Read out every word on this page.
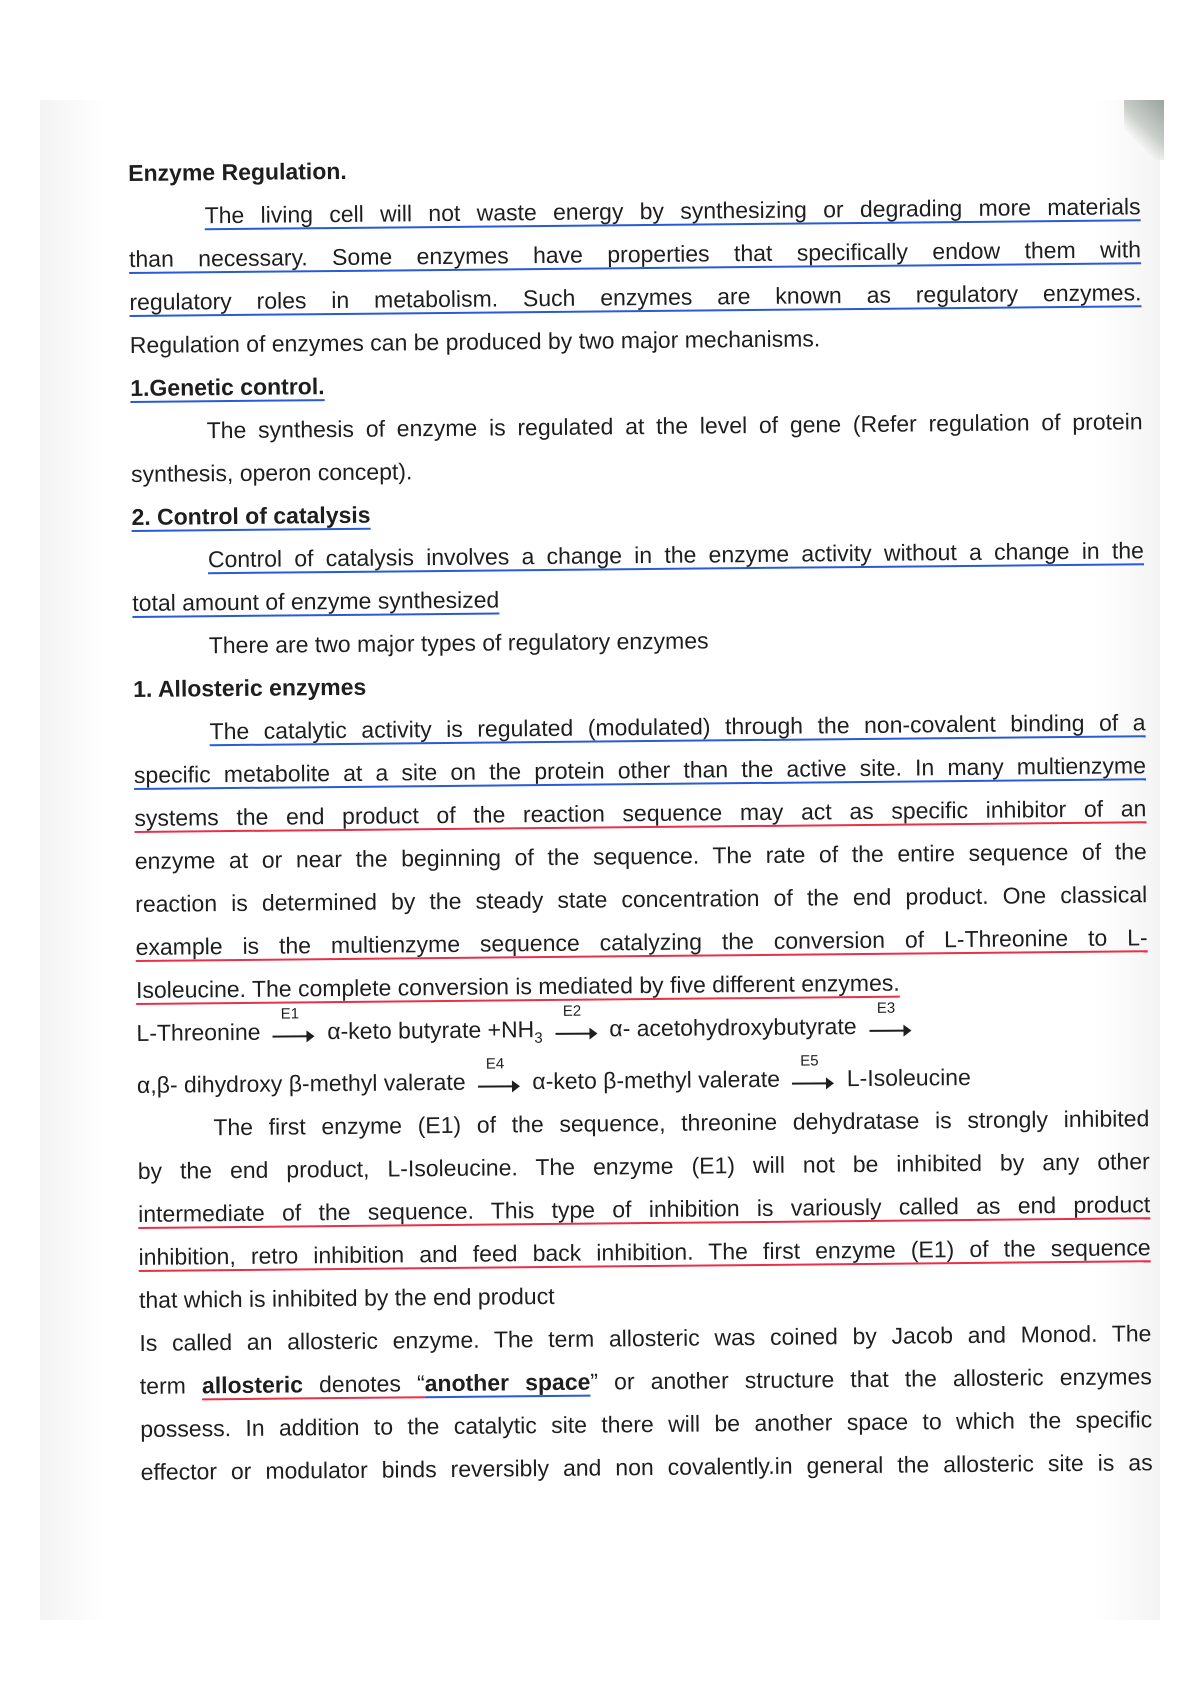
Enzyme Regulation.
The living cell will not waste energy by synthesizing or degrading more materials
than necessary. Some enzymes have properties that specifically endow them with
regulatory roles in metabolism. Such enzymes are known as regulatory enzymes.
Regulation of enzymes can be produced by two major mechanisms.
1.Genetic control.
The synthesis of enzyme is regulated at the level of gene (Refer regulation of protein
synthesis, operon concept).
2. Control of catalysis
Control of catalysis involves a change in the enzyme activity without a change in the
total amount of enzyme synthesized
There are two major types of regulatory enzymes
1. Allosteric enzymes
The catalytic activity is regulated (modulated) through the non-covalent binding of a
specific metabolite at a site on the protein other than the active site. In many multienzyme
systems the end product of the reaction sequence may act as specific inhibitor of an
enzyme at or near the beginning of the sequence. The rate of the entire sequence of the
reaction is determined by the steady state concentration of the end product. One classical
example is the multienzyme sequence catalyzing the conversion of L-Threonine to L-
Isoleucine. The complete conversion is mediated by five different enzymes.
L-Threonine
E1
α-keto butyrate $+NH_3$
E2
α- acetohydroxybutyrate
E3
α,β- dihydroxy β-methyl valerate
E4
α-keto β-methyl valerate
E5
L-Isoleucine
The first enzyme (E1) of the sequence, threonine dehydratase is strongly inhibited
by the end product, L-Isoleucine. The enzyme (E1) will not be inhibited by any other
intermediate of the sequence. This type of inhibition is variously called as end product
inhibition, retro inhibition and feed back inhibition. The first enzyme (E1) of the sequence
that which is inhibited by the end product
Is called an allosteric enzyme. The term allosteric was coined by Jacob and Monod. The
term allosteric denotes “another space” or another structure that the allosteric enzymes
possess. In addition to the catalytic site there will be another space to which the specific
effector or modulator binds reversibly and non covalently.in general the allosteric site is as
